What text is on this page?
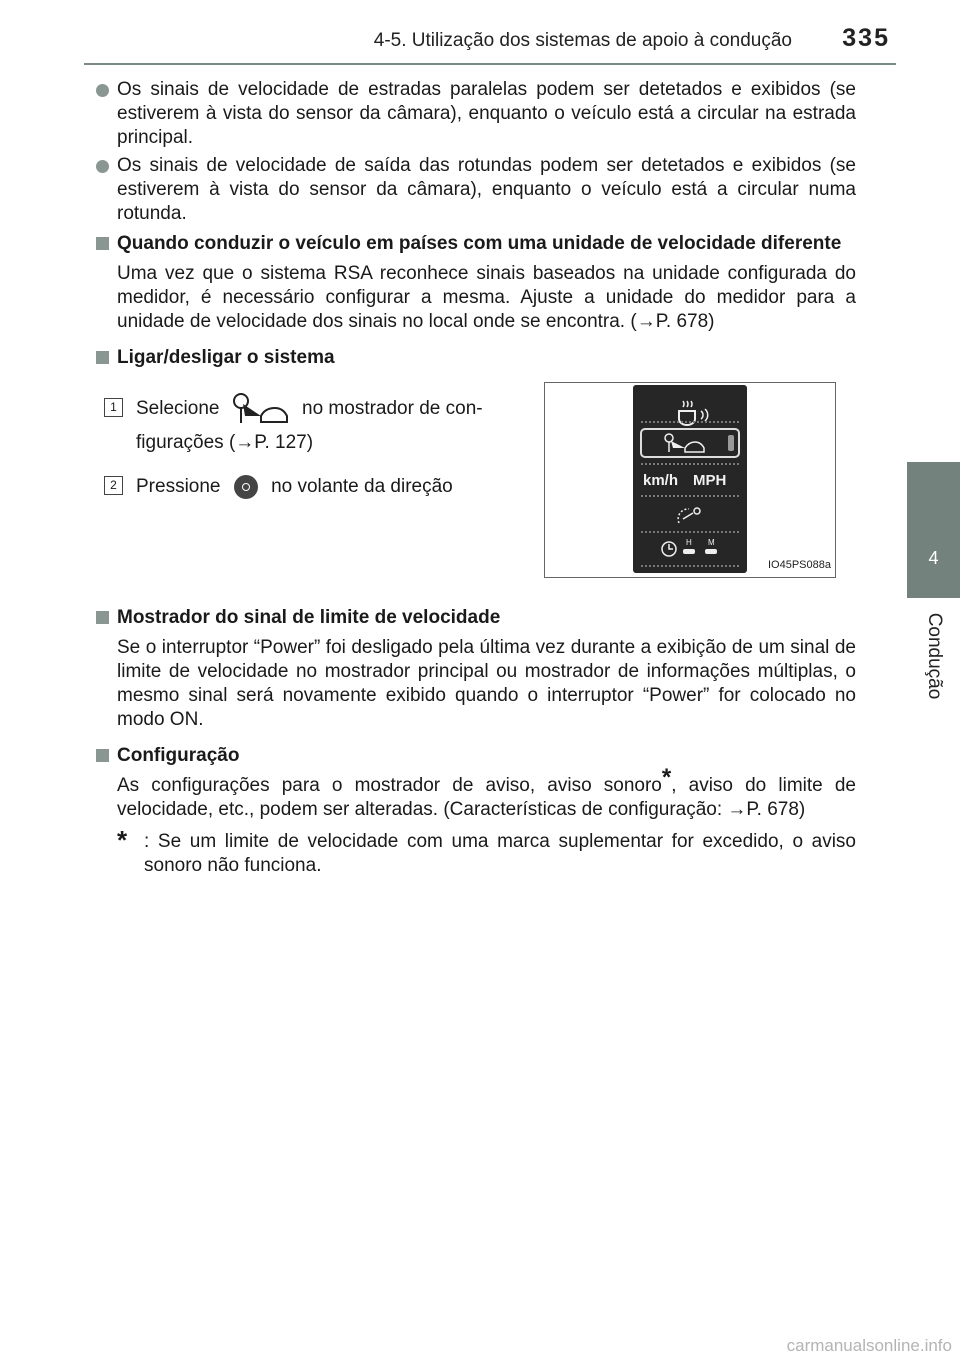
4-5. Utilização dos sistemas de apoio à condução 335
4
Condução
Os sinais de velocidade de estradas paralelas podem ser detetados e exibidos (se estiverem à vista do sensor da câmara), enquanto o veículo está a circular na estrada principal.
Os sinais de velocidade de saída das rotundas podem ser detetados e exibidos (se estiverem à vista do sensor da câmara), enquanto o veículo está a circular numa rotunda.
Quando conduzir o veículo em países com uma unidade de velocidade diferente
Uma vez que o sistema RSA reconhece sinais baseados na unidade configurada do medidor, é necessário configurar a mesma. Ajuste a unidade do medidor para a unidade de velocidade dos sinais no local onde se encontra. (→P. 678)
Ligar/desligar o sistema
1	Selecione	no mostrador de con-
figurações (→P. 127)
2	Pressione	no volante da direção	km/h MPH
H M
IO45PS088a
Mostrador do sinal de limite de velocidade
Se o interruptor “Power” foi desligado pela última vez durante a exibição de um sinal de limite de velocidade no mostrador principal ou mostrador de informações múltiplas, o mesmo sinal será novamente exibido quando o interruptor “Power” for colocado no modo ON.
Configuração
As configurações para o mostrador de aviso, aviso sonoro*, aviso do limite de velocidade, etc., podem ser alteradas. (Características de configuração: →P. 678)
* : Se um limite de velocidade com uma marca suplementar for excedido, o aviso sonoro não funciona.
carmanualsonline.info
